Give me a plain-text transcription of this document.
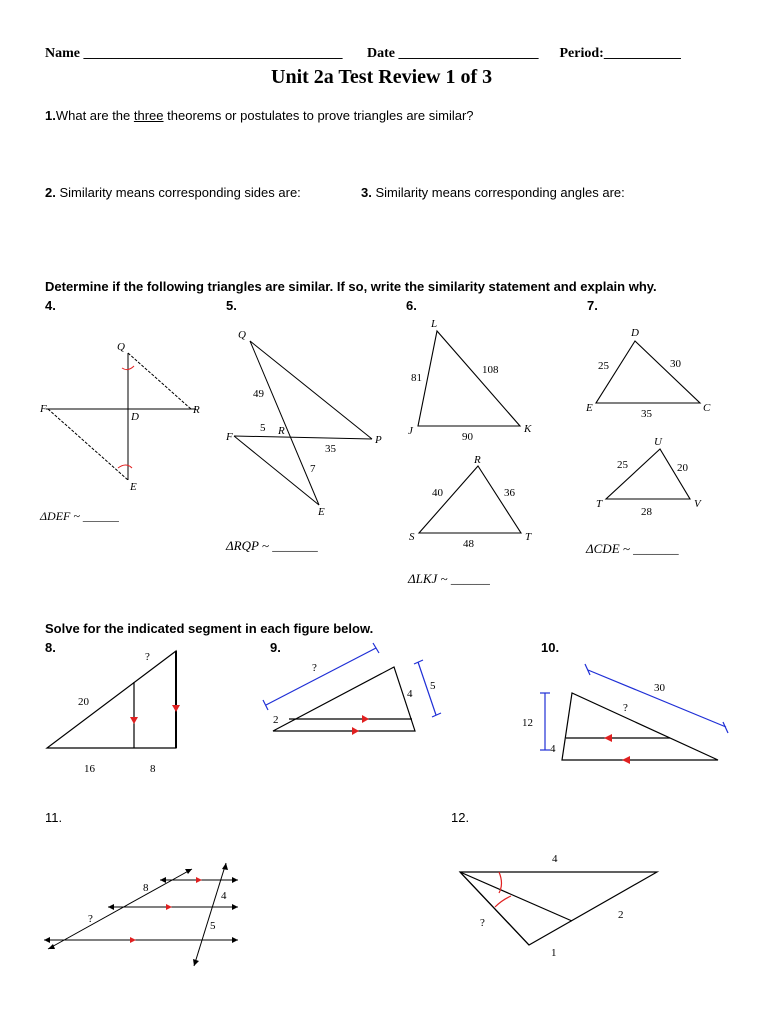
Name _____________________________________ Date ____________________ Period:___________
Unit 2a Test Review 1 of 3
1.What are the three theorems or postulates to prove triangles are similar?
2. Similarity means corresponding sides are:	3. Similarity means corresponding angles are:
Determine if the following triangles are similar. If so, write the similarity statement and explain why.
4.	5.	6.	7.
Q
F
D
R
E
ΔDEF ~ ______
Q
F	R
P
E
49
5
35
7
ΔRQP ~ _______
L
J	K
81
108
90
R
S	T
40	36
48
ΔLKJ ~ ______
D
E	C
25	30
35
U
T	V
25	20
28
ΔCDE ~ _______
Solve for the indicated segment in each figure below.
8.	9.	10.
11.	12.
?
20
16	8
?
4
5
2
30
?
12
4
8
4
?
5
4
2
?
1
